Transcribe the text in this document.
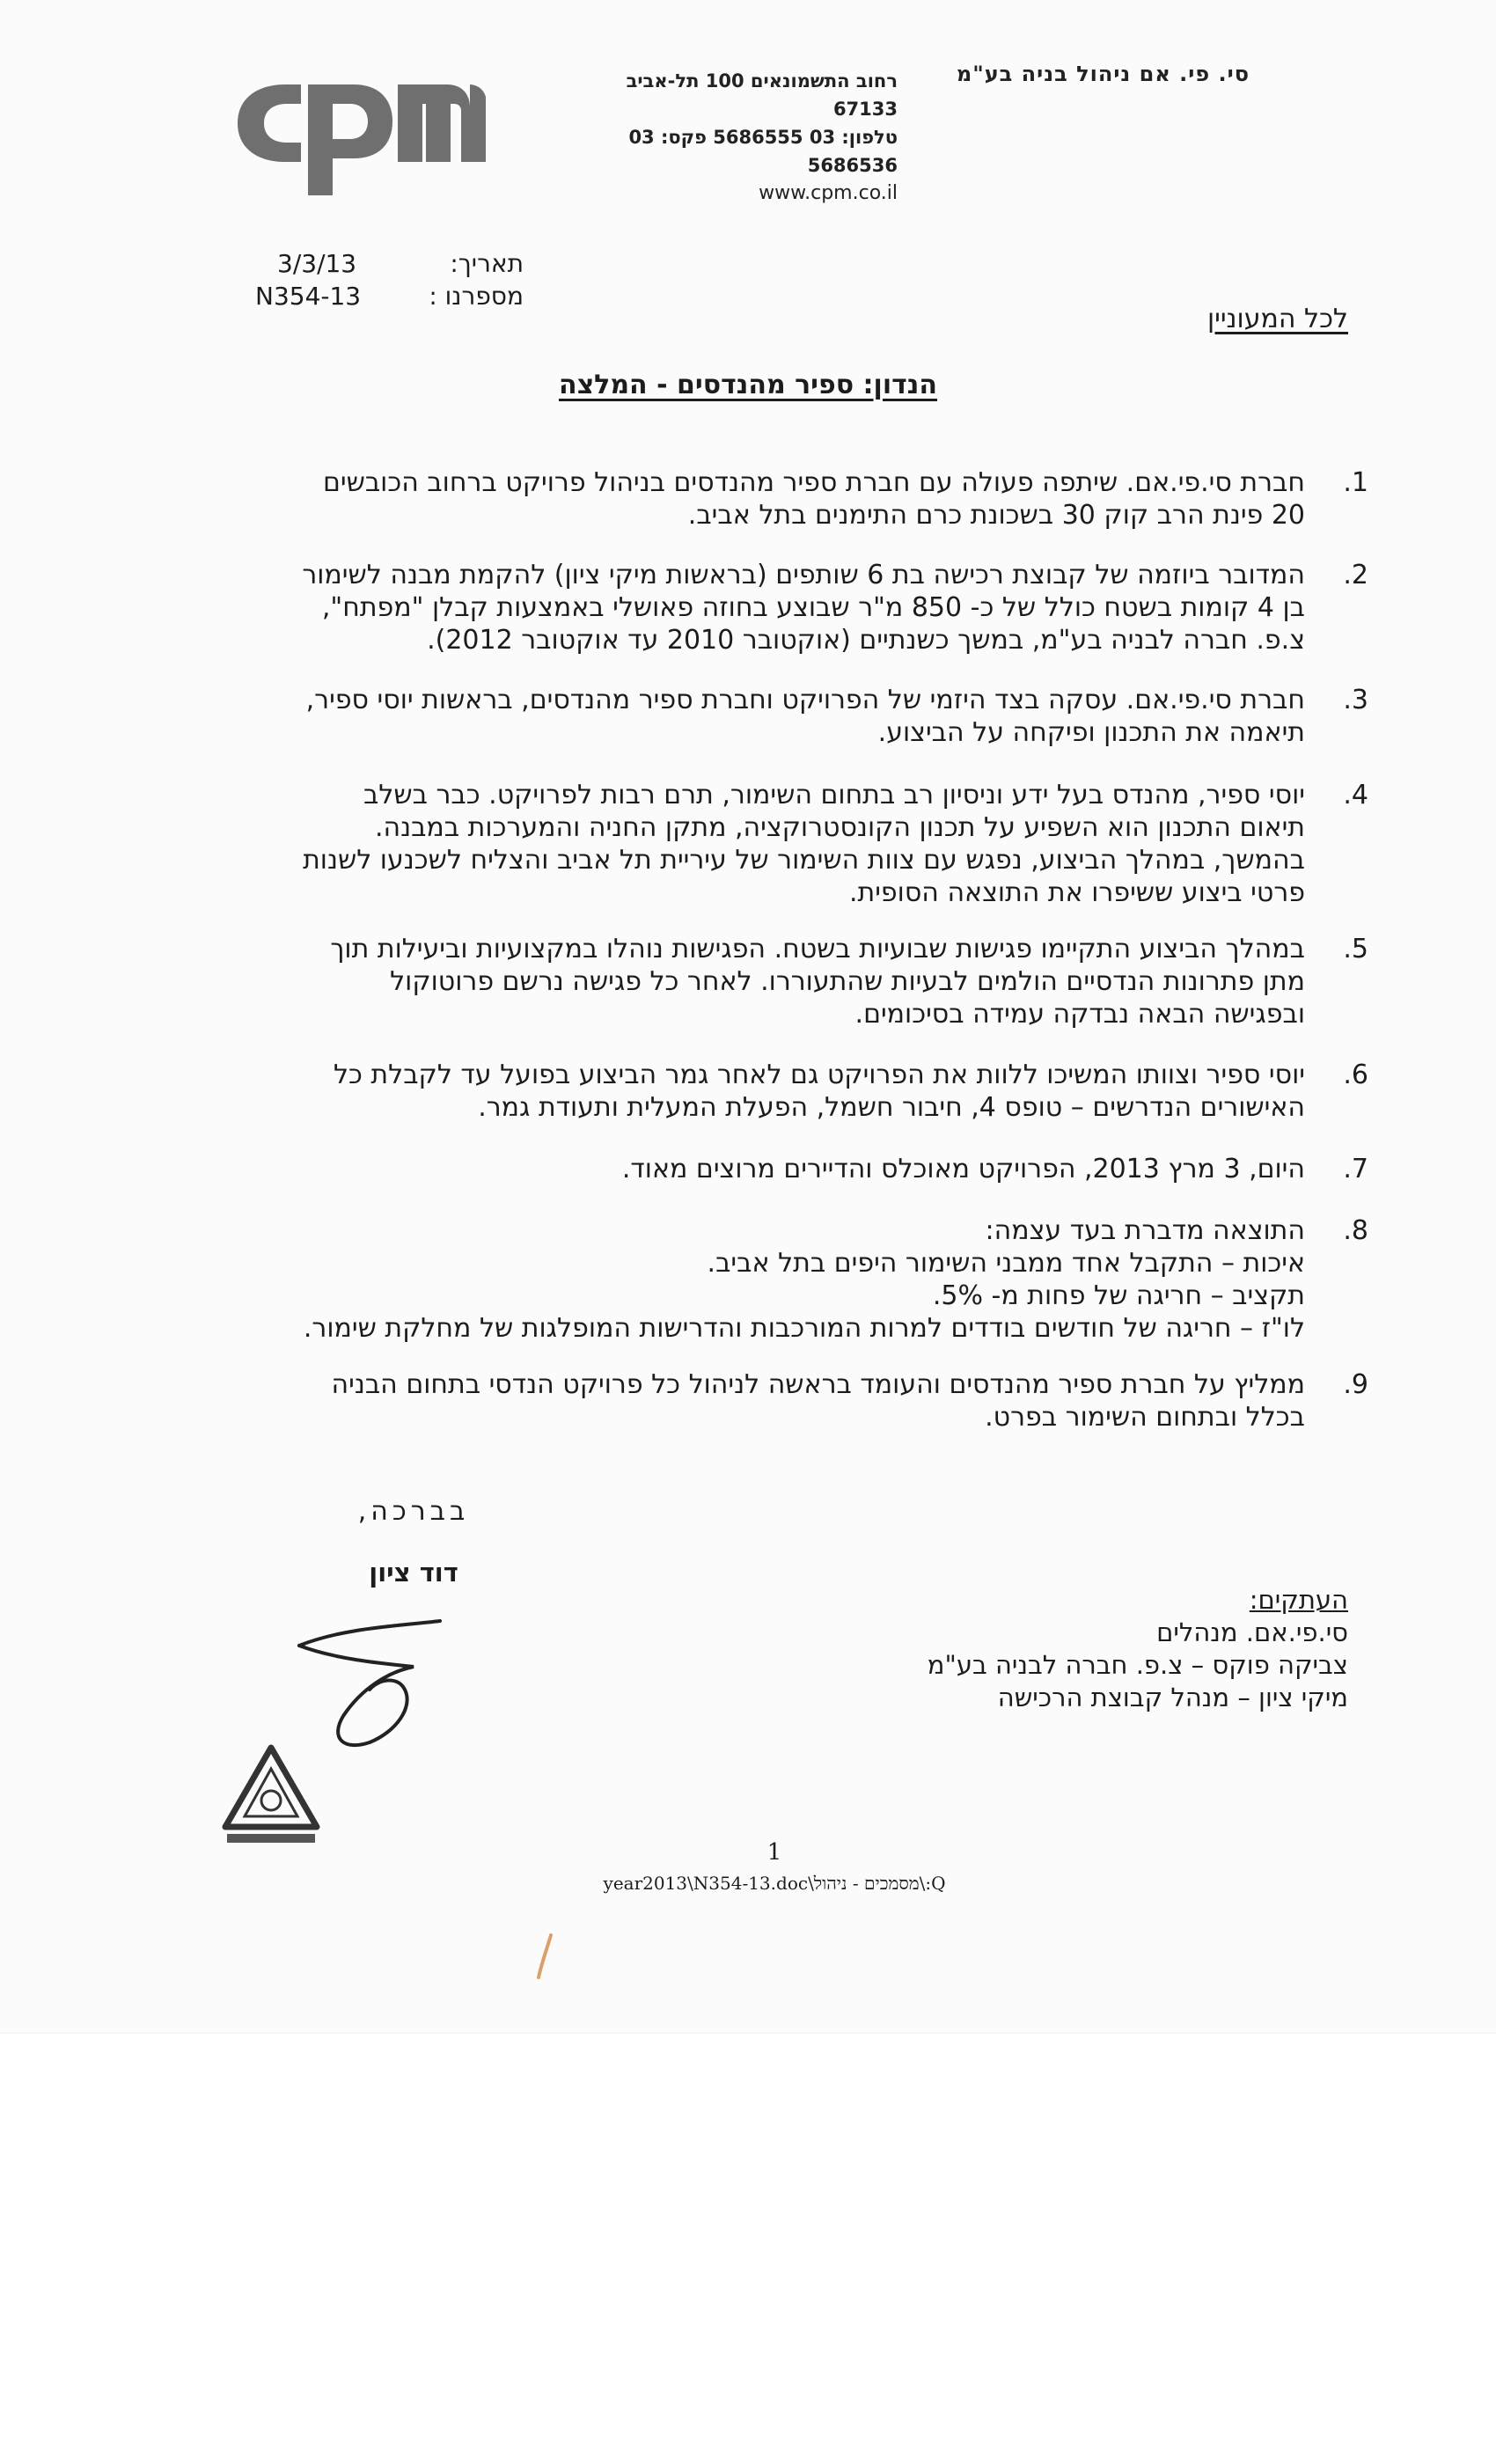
cpm
רחוב התשמונאים 100 תל-אביב 67133
טלפון: 03 5686555 פקס: 03 5686536
www.cpm.co.il
סי. פי. אם ניהול בניה בע"מ
תאריך:
3/3/13
מספרנו :
N354-13
לכל המעוניין
הנדון: ספיר מהנדסים - המלצה
.1
חברת סי.פי.אם. שיתפה פעולה עם חברת ספיר מהנדסים בניהול פרויקט ברחוב הכובשים
20 פינת הרב קוק 30 בשכונת כרם התימנים בתל אביב.
.2
המדובר ביוזמה של קבוצת רכישה בת 6 שותפים (בראשות מיקי ציון) להקמת מבנה לשימור
בן 4 קומות בשטח כולל של כ- 850 מ"ר שבוצע בחוזה פאושלי באמצעות קבלן "מפתח",
צ.פ. חברה לבניה בע"מ, במשך כשנתיים (אוקטובר 2010 עד אוקטובר 2012).
.3
חברת סי.פי.אם. עסקה בצד היזמי של הפרויקט וחברת ספיר מהנדסים, בראשות יוסי ספיר,
תיאמה את התכנון ופיקחה על הביצוע.
.4
יוסי ספיר, מהנדס בעל ידע וניסיון רב בתחום השימור, תרם רבות לפרויקט. כבר בשלב
תיאום התכנון הוא השפיע על תכנון הקונסטרוקציה, מתקן החניה והמערכות במבנה.
בהמשך, במהלך הביצוע, נפגש עם צוות השימור של עיריית תל אביב והצליח לשכנעו לשנות
פרטי ביצוע ששיפרו את התוצאה הסופית.
.5
במהלך הביצוע התקיימו פגישות שבועיות בשטח. הפגישות נוהלו במקצועיות וביעילות תוך
מתן פתרונות הנדסיים הולמים לבעיות שהתעוררו. לאחר כל פגישה נרשם פרוטוקול
ובפגישה הבאה נבדקה עמידה בסיכומים.
.6
יוסי ספיר וצוותו המשיכו ללוות את הפרויקט גם לאחר גמר הביצוע בפועל עד לקבלת כל
האישורים הנדרשים – טופס 4, חיבור חשמל, הפעלת המעלית ותעודת גמר.
.7
היום, 3 מרץ 2013, הפרויקט מאוכלס והדיירים מרוצים מאוד.
.8
התוצאה מדברת בעד עצמה:
איכות – התקבל אחד ממבני השימור היפים בתל אביב.
תקציב – חריגה של פחות מ- 5%.
לו"ז – חריגה של חודשים בודדים למרות המורכבות והדרישות המופלגות של מחלקת שימור.
.9
ממליץ על חברת ספיר מהנדסים והעומד בראשה לניהול כל פרויקט הנדסי בתחום הבניה
בכלל ובתחום השימור בפרט.
בברכה,
דוד ציון
העתקים:
סי.פי.אם. מנהלים
צביקה פוקס – צ.פ. חברה לבניה בע"מ
מיקי ציון – מנהל קבוצת הרכישה
1
Q:\מסמכים - ניהול\year2013\N354-13.doc
